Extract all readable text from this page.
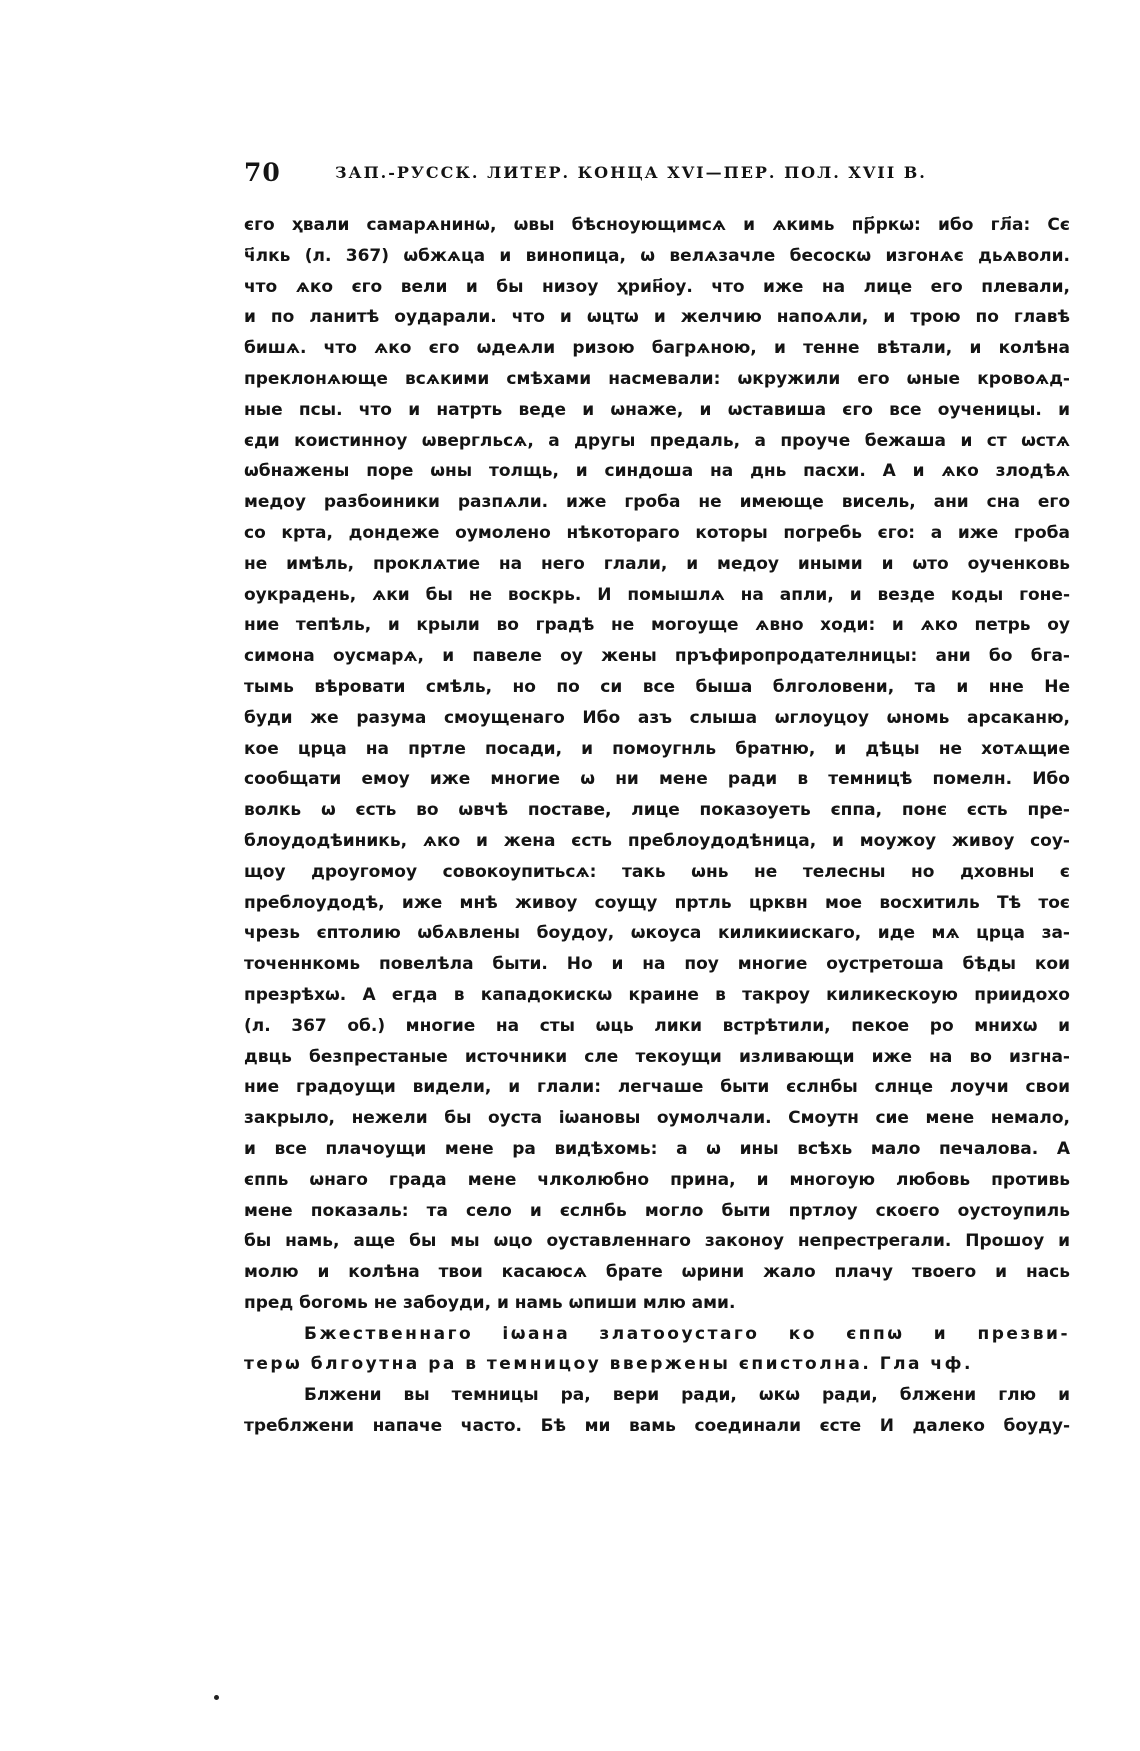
70	ЗАП.-РУССК. ЛИТЕР. КОНЦА XVI—ПЕР. ПОЛ. XVII В.
єго ҳвали самарѧнинѡ, ѡвы бѣсноующимсѧ и ѧкимь пр҃ркѡ: ибо гл҃а: Сє
ч҃лкь (л. 367) ѡбжѧца и винопица, ѡ велѧзачле бесоскѡ изгонѧє дьѧволи.
что ѧко єго вели и бы низоу ҳрин҃оу. что иже на лице его плевали,
и по ланитѣ оударали. что и ѡцтѡ и желчию напоѧли, и трою по главѣ
бишѧ. что ѧко єго ѡдеѧли ризою багрѧною, и тенне вѣтали, и колѣна
преклонѧюще всѧкими смѣхами насмевали: ѡкружили его ѡные кровоѧд-
ные псы. что и натрть веде и ѡнаже, и ѡставиша єго все оученицы. и
єди коистинноу ѡвергльсѧ, а другы предаль, а проуче бежаша и ст ѡстѧ
ѡбнажены поре ѡны толщь, и синдоша на днь пасхи. А и ѧко злодѣѧ
медоу разбоиники разпѧли. иже гроба не имеюще висель, ани сна его
со крта, дондеже оумолено нѣкотораго которы погребь єго: а иже гроба
не имѣль, проклѧтие на него глали, и медоу иными и ѡто оученковь
оукрадень, ѧки бы не воскрь. И помышлѧ на апли, и везде коды гоне-
ние тепѣль, и крыли во градѣ не могоуще ѧвно ходи: и ѧко петрь оу
симона оусмарѧ, и павеле оу жены пръфиропродателницы: ани бо бга-
тымь вѣровати смѣль, но по си все быша блголовени, та и нне Не
буди же разума смоущенаго Ибо азъ слыша ѡглоуцоу ѡномь арсаканю,
кое црца на пртле посади, и помоугнль братню, и дѣцы не хотѧщие
сообщати емоу иже многие ѡ ни мене ради в темницѣ помелн. Ибо
волкь ѡ єсть во ѡвчѣ поставе, лице показоуеть єппа, понє єсть пре-
блоудодѣиникь, ѧко и жена єсть преблоудодѣница, и моужоу живоу соу-
щоу дроугомоу совокоупитьсѧ: такь ѡнь не телесны но дховны є
преблоудодѣ, иже мнѣ живоу соущу пртль црквн мое восхитиль Тѣ тоє
чрезь єптолию ѡбѧвлены боудоу, ѡкоуса киликиискаго, иде мѧ црца за-
точеннкомь повелѣла быти. Но и на поу многие оустретоша бѣды кои
презрѣхѡ. А егда в кападокискѡ краине в такроу киликескоую приидохо
(л. 367 об.) многие на сты ѡць лики встрѣтили, пекое ро мнихѡ и
двць безпрестаные источники сле текоущи изливающи иже на во изгна-
ние градоущи видели, и глали: легчаше быти єслнбы слнце лоучи свои
закрыло, нежели бы оуста іѡановы оумолчали. Смоутн сие мене немало,
и все плачоущи мене ра видѣхомь: а ѡ ины всѣхь мало печалова. А
єппь ѡнаго града мене члколюбно прина, и многоую любовь противь
мене показаль: та село и єслнбь могло быти пртлоу скоєго оустоупиль
бы намь, аще бы мы ѡцо оуставленнаго законоу непрестрегали. Прошоу и
молю и колѣна твои касаюсѧ брате ѡрини жало плачу твоего и нась
пред богомь не забоуди, и намь ѡпиши млю ами.
Бжественнаго іѡана златооустаго ко єппѡ и презви-
терѡ блгоутна ра в темницоу ввержены єпистолна. Гла чф.
Блжени вы темницы ра, вери ради, ѡкѡ ради, блжени глю и
треблжени напаче часто. Бѣ ми вамь соединали єсте И далеко боуду-
